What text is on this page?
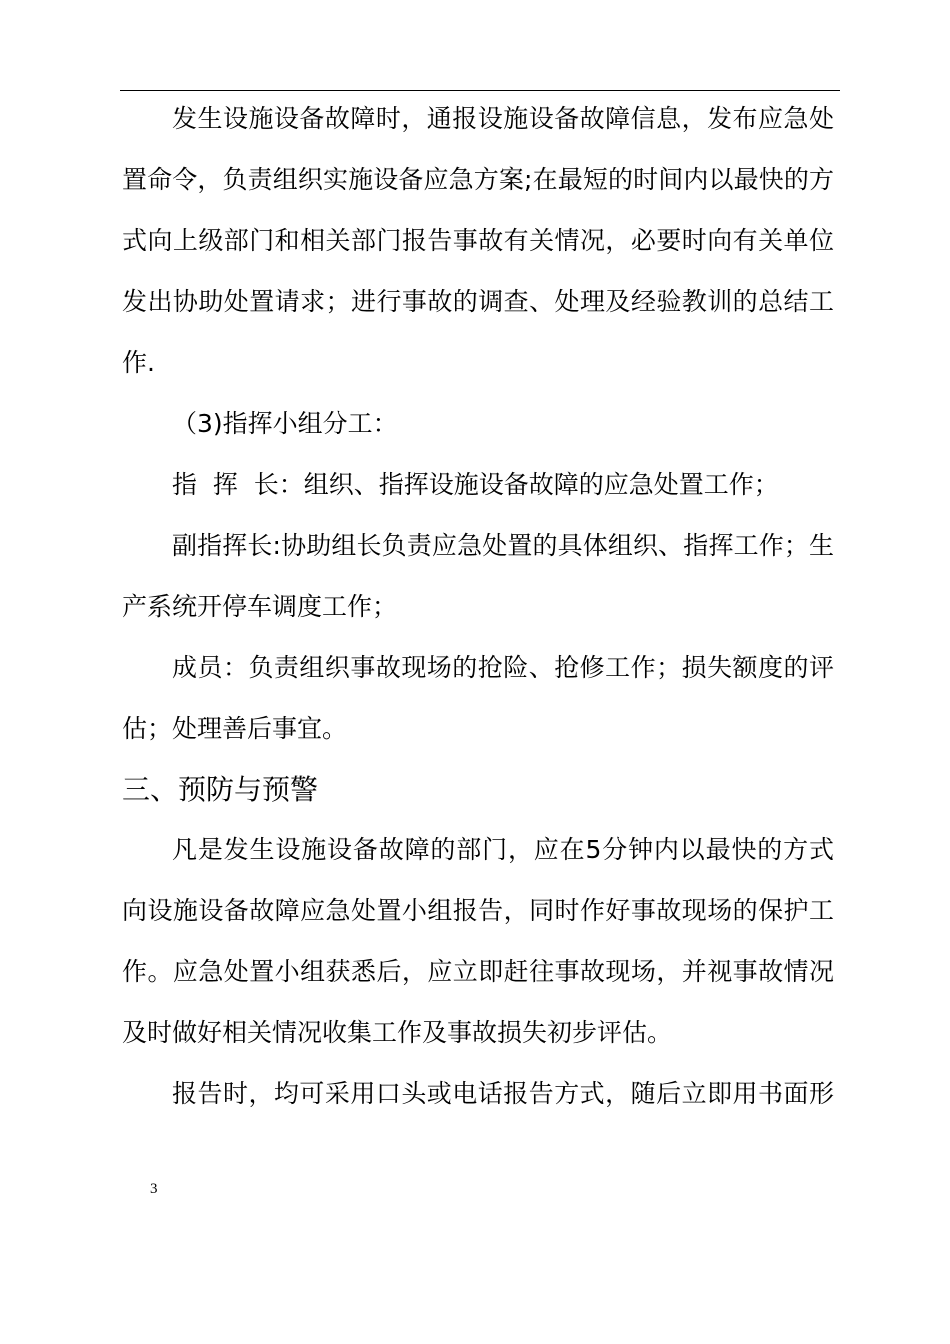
发生设施设备故障时，通报设施设备故障信息，发布应急处
置命令，负责组织实施设备应急方案;在最短的时间内以最快的方
式向上级部门和相关部门报告事故有关情况，必要时向有关单位
发出协助处置请求；进行事故的调查、处理及经验教训的总结工
作.
（3)指挥小组分工：
指  挥  长：组织、指挥设施设备故障的应急处置工作；
副指挥长:协助组长负责应急处置的具体组织、指挥工作；生
产系统开停车调度工作；
成员：负责组织事故现场的抢险、抢修工作；损失额度的评
估；处理善后事宜。
三、预防与预警
凡是发生设施设备故障的部门，应在5分钟内以最快的方式
向设施设备故障应急处置小组报告，同时作好事故现场的保护工
作。应急处置小组获悉后，应立即赶往事故现场，并视事故情况
及时做好相关情况收集工作及事故损失初步评估。
报告时，均可采用口头或电话报告方式，随后立即用书面形
3
